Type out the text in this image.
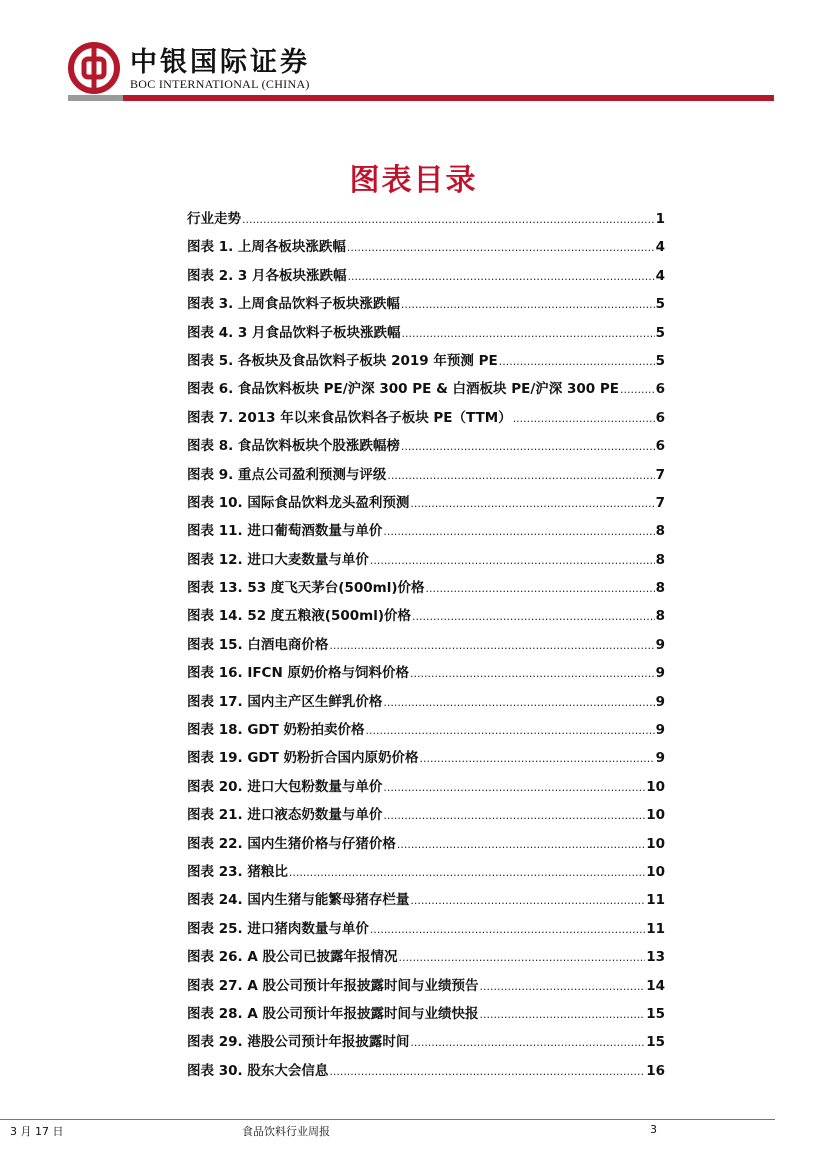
中银国际证券
BOC INTERNATIONAL (CHINA)
图表目录
行业走势 .....	1
图表 1. 上周各板块涨跌幅 .....	4
图表 2. 3 月各板块涨跌幅 .....	4
图表 3. 上周食品饮料子板块涨跌幅 .....	5
图表 4. 3 月食品饮料子板块涨跌幅 .....	5
图表 5. 各板块及食品饮料子板块 2019 年预测 PE .....	5
图表 6. 食品饮料板块 PE/沪深 300 PE & 白酒板块 PE/沪深 300 PE .....	6
图表 7. 2013 年以来食品饮料各子板块 PE（TTM） .....	6
图表 8. 食品饮料板块个股涨跌幅榜 .....	6
图表 9. 重点公司盈利预测与评级 .....	7
图表 10. 国际食品饮料龙头盈利预测 .....	7
图表 11. 进口葡萄酒数量与单价 .....	8
图表 12. 进口大麦数量与单价 .....	8
图表 13. 53 度飞天茅台(500ml)价格 .....	8
图表 14. 52 度五粮液(500ml)价格 .....	8
图表 15. 白酒电商价格 .....	9
图表 16. IFCN 原奶价格与饲料价格 .....	9
图表 17. 国内主产区生鲜乳价格 .....	9
图表 18. GDT 奶粉拍卖价格 .....	9
图表 19. GDT 奶粉折合国内原奶价格 .....	9
图表 20. 进口大包粉数量与单价 .....	10
图表 21. 进口液态奶数量与单价 .....	10
图表 22. 国内生猪价格与仔猪价格 .....	10
图表 23. 猪粮比 .....	10
图表 24. 国内生猪与能繁母猪存栏量 .....	11
图表 25. 进口猪肉数量与单价 .....	11
图表 26. A 股公司已披露年报情况 .....	13
图表 27. A 股公司预计年报披露时间与业绩预告 .....	14
图表 28. A 股公司预计年报披露时间与业绩快报 .....	15
图表 29. 港股公司预计年报披露时间 .....	15
图表 30. 股东大会信息 .....	16
3 月 17 日	食品饮料行业周报	3
